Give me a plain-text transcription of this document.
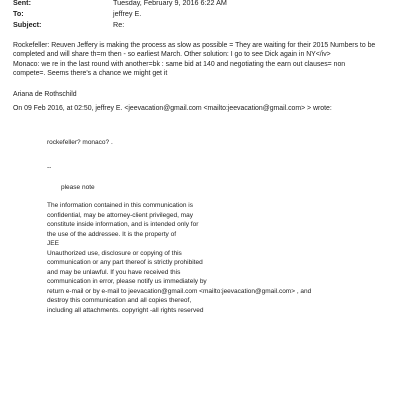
Sent:	Tuesday, February 9, 2016 6:22 AM
To:	jeffrey E.
Subject:	Re:
Rockefeller: Reuven Jeffery is making the process as slow as possible = They are waiting for their 2015 Numbers to be
completed and will share th=m then - so earliest March. Other solution: I go to see Dick again in NY</iv>
Monaco: we re in the last round with another=bk : same bid at 140 and negotiating the earn out clauses= non
compete=. Seems there's a chance we might get it
Ariana de Rothschild
On 09 Feb 2016, at 02:50, jeffrey E. <jeevacation@gmail.com <mailto:jeevacation@gmail.com> > wrote:
rockefeller? monaco? .
--
please note
The information contained in this communication is
confidential, may be attorney-client privileged, may
constitute inside information, and is intended only for
the use of the addressee. It is the property of
JEE
Unauthorized use, disclosure or copying of this
communication or any part thereof is strictly prohibited
and may be unlawful. If you have received this
communication in error, please notify us immediately by
return e-mail or by e-mail to jeevacation@gmail.com <mailto:jeevacation@gmail.com> , and
destroy this communication and all copies thereof,
including all attachments. copyright -all rights reserved
